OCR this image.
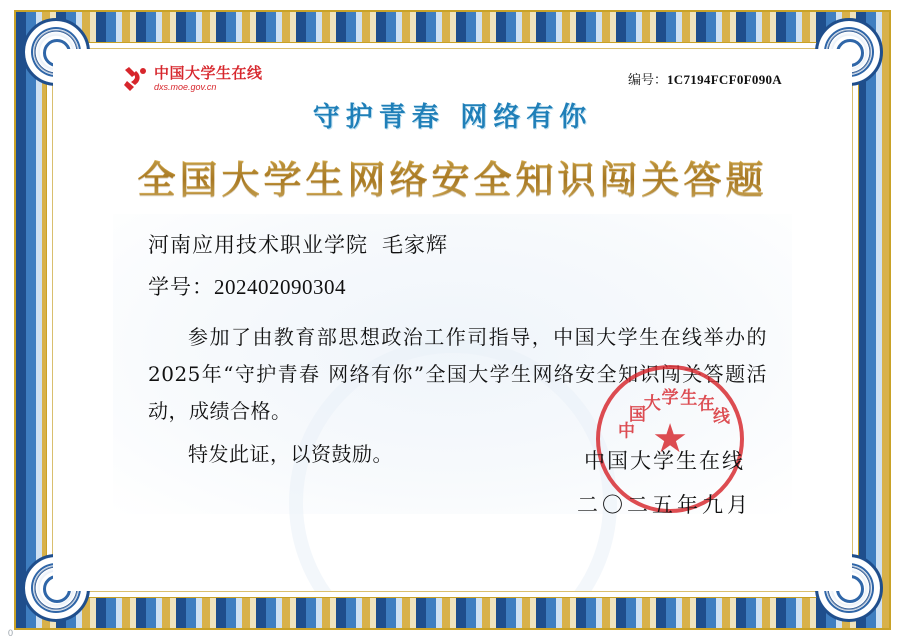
中国大学生在线
dxs.moe.gov.cn	编号：1C7194FCF0F090A
守护青春 网络有你
全国大学生网络安全知识闯关答题
河南应用技术职业学院 毛家辉
学号：202402090304
参加了由教育部思想政治工作司指导，中国大学生在线举办的2025年“守护青春 网络有你”全国大学生网络安全知识闯关答题活动，成绩合格。
特发此证，以资鼓励。
中
国
大 学 生 在
线
中国大学生在线
二〇二五年九月
0
